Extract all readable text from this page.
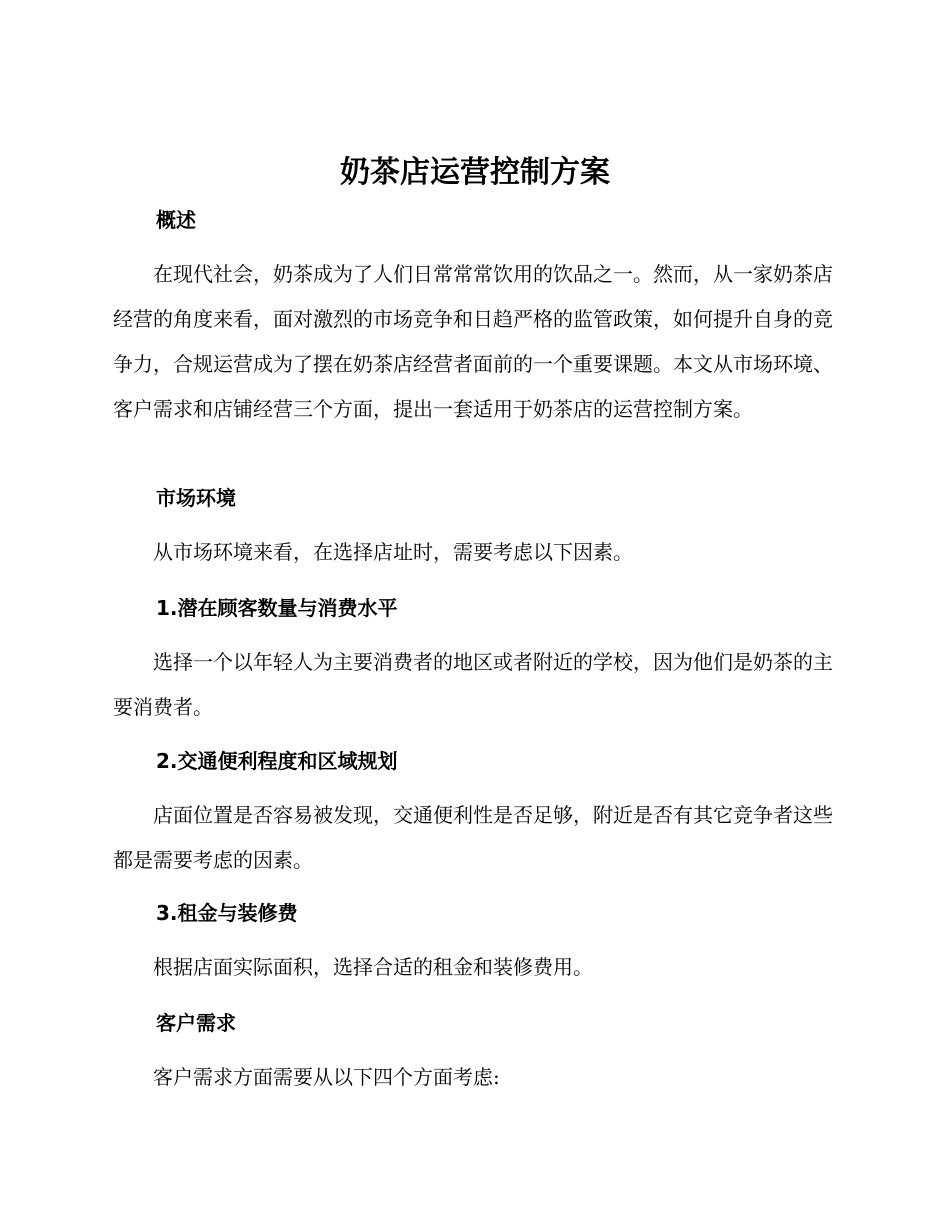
奶茶店运营控制方案
概述

在现代社会，奶茶成为了人们日常常常饮用的饮品之一。然而，从一家奶茶店经营的角度来看，面对激烈的市场竞争和日趋严格的监管政策，如何提升自身的竞争力，合规运营成为了摆在奶茶店经营者面前的一个重要课题。本文从市场环境、客户需求和店铺经营三个方面，提出一套适用于奶茶店的运营控制方案。

市场环境

从市场环境来看，在选择店址时，需要考虑以下因素。

1.潜在顾客数量与消费水平

选择一个以年轻人为主要消费者的地区或者附近的学校，因为他们是奶茶的主要消费者。

2.交通便利程度和区域规划

店面位置是否容易被发现，交通便利性是否足够，附近是否有其它竞争者这些都是需要考虑的因素。

3.租金与装修费

根据店面实际面积，选择合适的租金和装修费用。

客户需求

客户需求方面需要从以下四个方面考虑:
